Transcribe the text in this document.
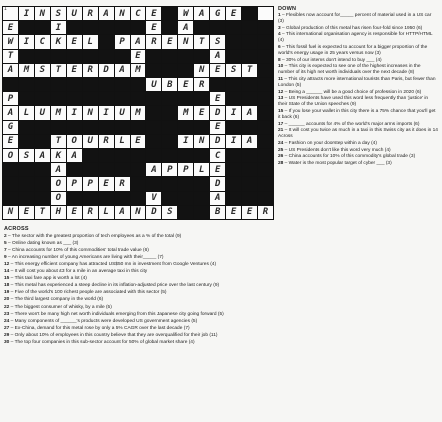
1 I N S U R A N C E	W A G E
E	I	E	A
W I C K E L	P A R E N T S
T	E	A
A M S T E R D A M	N E S T
U B E R
P	E
A L U M I N I U M	M E D I A
G	E
E	T O U R L E	I N D I A
O S A K A	C
A	A P P L E
O P P E R	D
O	V	A
N E T H E R L A N D S	B E E R
DOWN
1 – Flexibles now account for_____ percent of material used in a US car (3)
3 – Global production of this metal has risen four-fold since 1950 (6)
4 – This international organisation agency is responsible for HTTP/HTML (4)
6 – This fossil fuel is expected to account for a bigger proportion of the world's energy usage in 25 years versus now (3)
8 – 30% of our intems don't intend to buy ___ (4)
10 – This city is expected to see one of the highest increases in the number of its high net worth individuals over the next decade (8)
11 – This city attracts more international tourists than Paris, but fewer than London (5)
12 – Being a ______ will be a good choice of profession in 2020 (6)
13 – US Presidents have used this word less frequently than 'justice' in their State of the Union speeches (9)
15 – If you lose your wallet in this city there is a 75% chance that you'll get it back (6)
17 – ______ accounts for 4% of the world's major arms imports (6)
21 – It will cost you twice as much in a taxi in this Swiss city as it does in 14 Across
24 – Fashion on your doorstep within a day (4)
25 – US Presidents don't like this word very much (4)
26 – China accounts for 10% of this commodity's global trade (3)
28 – Water is the most popular target of cyber ___ (3)
ACROSS
2 – The sector with the greatest proportion of tech employees as a % of the total (9)
5 – Online dating known as ___ (3)
7 – China accounts for 10% of this commodities' total trade value (6)
9 – An increasing number of young Americans are living with their_____ (7)
12 – This energy efficient company has attracted US$50 mn in investment from Google Ventures (4)
14 – It will cost you about £3 for a mile in an average taxi in this city
15 – This taxi fare app is worth a lot (4)
18 – This metal has experienced a steep decline in its inflation-adjusted price over the last century (9)
19 – Five of the world's 100 richest people are associated with this sector (5)
20 – The third largest company in the world (6)
22 – The biggest consumer of whisky, by a mile (5)
23 – There won't be many high net worth individuals emerging from this Japanese city going forward (5)
24 – Many components of ______'s products were developed US government agencies (5)
27 – Ex-China, demand for this metal rose by only a 5% CAGR over the last decade (7)
29 – Only about 10% of employees in this country believe that they are overqualified for their job (11)
30 – The top four companies in this sub-sector account for 50% of global market share (4)
